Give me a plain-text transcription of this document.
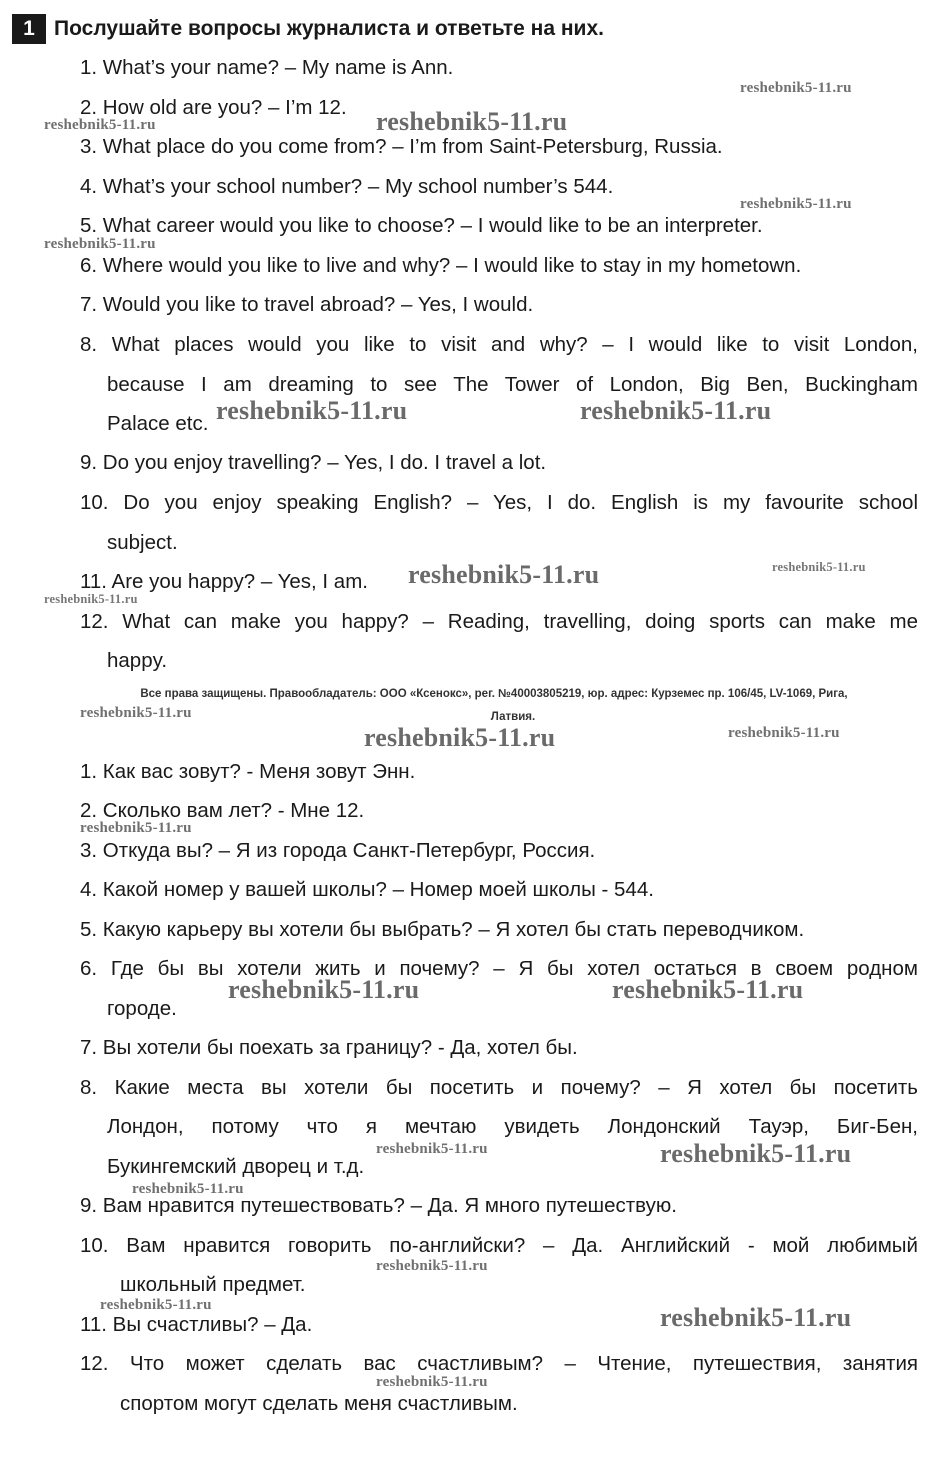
1 Послушайте вопросы журналиста и ответьте на них.
1. What’s your name? – My name is Ann.
2. How old are you? – I’m 12.
3. What place do you come from? – I’m from Saint-Petersburg, Russia.
4. What’s your school number? – My school number’s 544.
5. What career would you like to choose? – I would like to be an interpreter.
6. Where would you like to live and why? – I would like to stay in my hometown.
7. Would you like to travel abroad? – Yes, I would.
8. What places would you like to visit and why? – I would like to visit London,
because I am dreaming to see The Tower of London, Big Ben, Buckingham
Palace etc.
9. Do you enjoy travelling? – Yes, I do. I travel a lot.
10. Do you enjoy speaking English? – Yes, I do. English is my favourite school
subject.
11. Are you happy? – Yes, I am.
12. What can make you happy? – Reading, travelling, doing sports can make me
happy.
Все права защищены. Правообладатель: ООО «Ксенокс», рег. №40003805219, юр. адрес: Курземес пр. 106/45, LV-1069, Рига,
Латвия.
1. Как вас зовут? - Меня зовут Энн.
2. Сколько вам лет? - Мне 12.
3. Откуда вы? – Я из города Санкт-Петербург, Россия.
4. Какой номер у вашей школы? – Номер моей школы - 544.
5. Какую карьеру вы хотели бы выбрать? – Я хотел бы стать переводчиком.
6. Где бы вы хотели жить и почему? – Я бы хотел остаться в своем родном
городе.
7. Вы хотели бы поехать за границу? - Да, хотел бы.
8. Какие места вы хотели бы посетить и почему? – Я хотел бы посетить
Лондон, потому что я мечтаю увидеть Лондонский Тауэр, Биг-Бен,
Букингемский дворец и т.д.
9. Вам нравится путешествовать? – Да. Я много путешествую.
10. Вам нравится говорить по-английски? – Да. Английский - мой любимый
школьный предмет.
11. Вы счастливы? – Да.
12. Что может сделать вас счастливым? – Чтение, путешествия, занятия
спортом могут сделать меня счастливым.
reshebnik5-11.ru
reshebnik5-11.ru
reshebnik5-11.ru
reshebnik5-11.ru
reshebnik5-11.ru
reshebnik5-11.ru	reshebnik5-11.ru
reshebnik5-11.ru	reshebnik5-11.ru
reshebnik5-11.ru
reshebnik5-11.ru
reshebnik5-11.ru	reshebnik5-11.ru
reshebnik5-11.ru
reshebnik5-11.ru	reshebnik5-11.ru
reshebnik5-11.ru	reshebnik5-11.ru
reshebnik5-11.ru
reshebnik5-11.ru
reshebnik5-11.ru	reshebnik5-11.ru
reshebnik5-11.ru
